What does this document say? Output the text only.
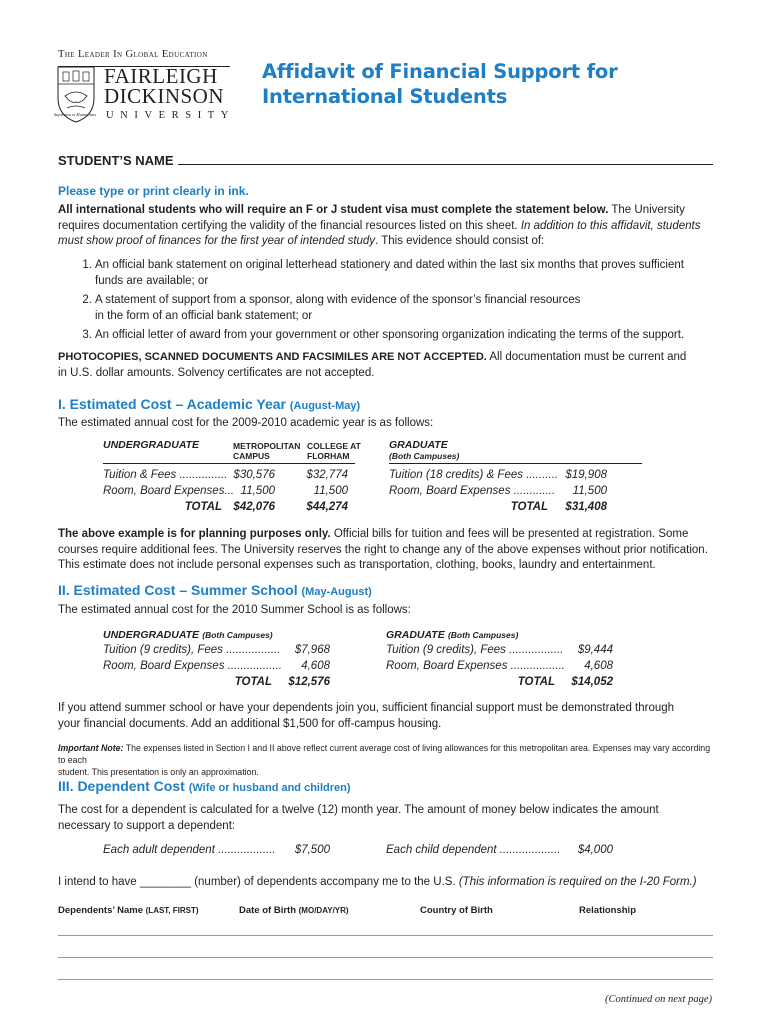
The Leader In Global Education
Sapientia et Humanitas
FAIRLEIGH
DICKINSON
UNIVERSITY
Affidavit of Financial Support for
International Students
STUDENT’S NAME
Please type or print clearly in ink.
All international students who will require an F or J student visa must complete the statement below. The University
requires documentation certifying the validity of the financial resources listed on this sheet. In addition to this affidavit, students
must show proof of finances for the first year of intended study. This evidence should consist of:
1. An official bank statement on original letterhead stationery and dated within the last six months that proves sufficient
funds are available; or
2. A statement of support from a sponsor, along with evidence of the sponsor’s financial resources
in the form of an official bank statement; or
3. An official letter of award from your government or other sponsoring organization indicating the terms of the support.
PHOTOCOPIES, SCANNED DOCUMENTS AND FACSIMILES ARE NOT ACCEPTED. All documentation must be current and
in U.S. dollar amounts. Solvency certificates are not accepted.
I. Estimated Cost – Academic Year (August-May)
The estimated annual cost for the 2009-2010 academic year is as follows:
UNDERGRADUATE	METROPOLITAN
CAMPUS
COLLEGE AT
FLORHAM
GRADUATE
(Both Campuses)
Tuition & Fees ............... $30,576	$32,774
Room, Board Expenses... 11,500	11,500
TOTAL $42,076	$44,274
Tuition (18 credits) & Fees .......... $19,908
Room, Board Expenses .............	11,500
TOTAL	$31,408
The above example is for planning purposes only. Official bills for tuition and fees will be presented at registration. Some
courses require additional fees. The University reserves the right to change any of the above expenses without prior notification.
This estimate does not include personal expenses such as transportation, clothing, books, laundry and entertainment.
II. Estimated Cost – Summer School (May-August)
The estimated annual cost for the 2010 Summer School is as follows:
UNDERGRADUATE (Both Campuses)
Tuition (9 credits), Fees .................	$7,968
Room, Board Expenses .................	4,608
TOTAL	$12,576
GRADUATE (Both Campuses)
Tuition (9 credits), Fees .................	$9,444
Room, Board Expenses .................	4,608
TOTAL	$14,052
If you attend summer school or have your dependents join you, sufficient financial support must be demonstrated through
your financial documents. Add an additional $1,500 for off-campus housing.
Important Note: The expenses listed in Section I and II above reflect current average cost of living allowances for this metropolitan area. Expenses may vary according to each
student. This presentation is only an approximation.
III. Dependent Cost (Wife or husband and children)
The cost for a dependent is calculated for a twelve (12) month year. The amount of money below indicates the amount
necessary to support a dependent:
Each adult dependent ..................	$7,500	Each child dependent ...................	$4,000
I intend to have ________ (number) of dependents accompany me to the U.S. (This information is required on the I-20 Form.)
Dependents’ Name (LAST, FIRST)	Date of Birth (MO/DAY/YR)	Country of Birth	Relationship
(Continued on next page)
